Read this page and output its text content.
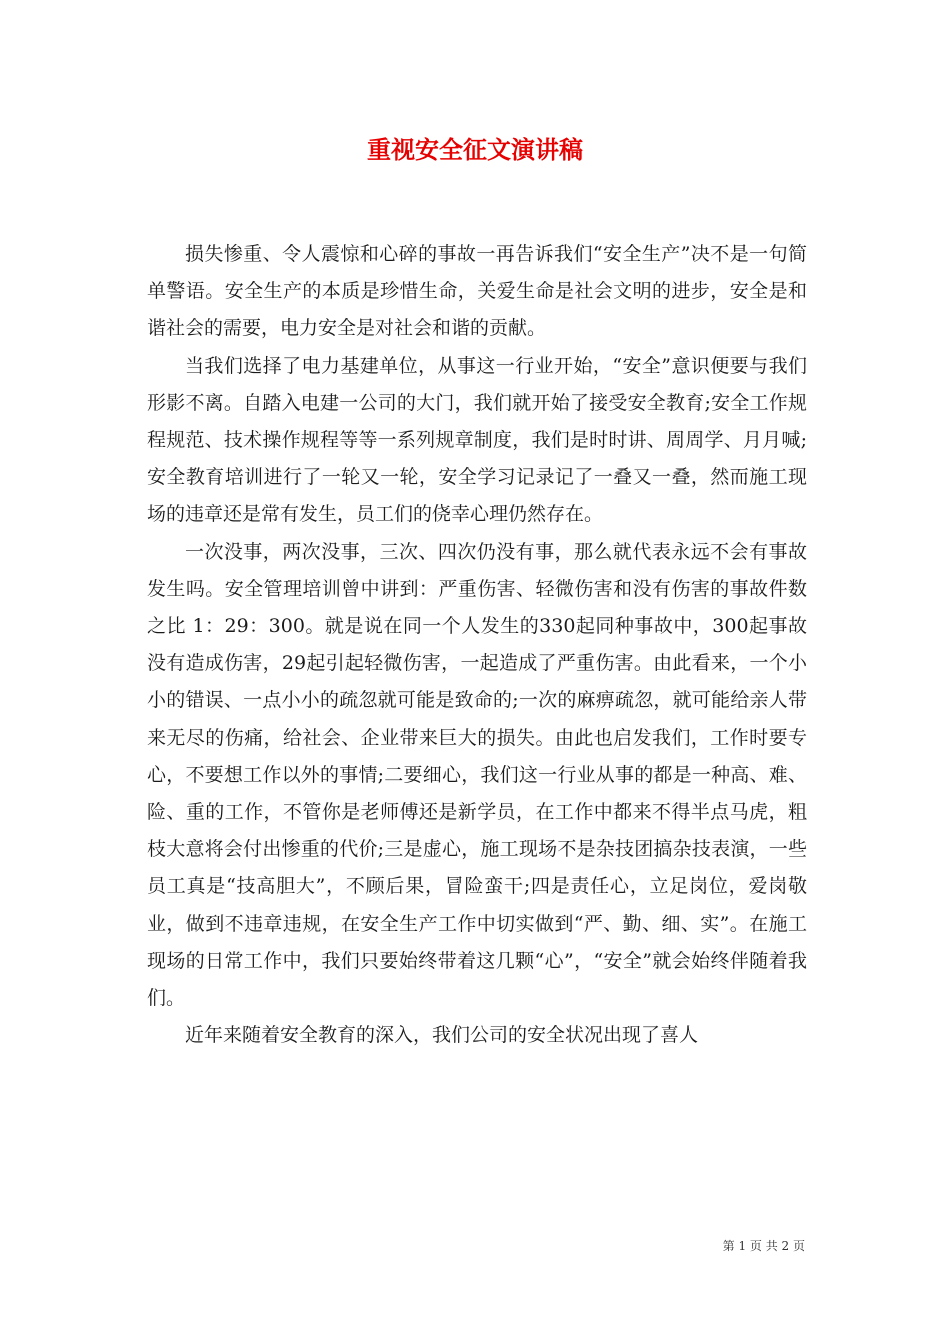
重视安全征文演讲稿

损失惨重、令人震惊和心碎的事故一再告诉我们“安全生产”决不是一句简单警语。安全生产的本质是珍惜生命，关爱生命是社会文明的进步，安全是和谐社会的需要，电力安全是对社会和谐的贡献。

当我们选择了电力基建单位，从事这一行业开始，“安全”意识便要与我们形影不离。自踏入电建一公司的大门，我们就开始了接受安全教育;安全工作规程规范、技术操作规程等等一系列规章制度，我们是时时讲、周周学、月月喊;安全教育培训进行了一轮又一轮，安全学习记录记了一叠又一叠，然而施工现场的违章还是常有发生，员工们的侥幸心理仍然存在。

一次没事，两次没事，三次、四次仍没有事，那么就代表永远不会有事故发生吗。安全管理培训曾中讲到：严重伤害、轻微伤害和没有伤害的事故件数之比 1：29：300。就是说在同一个人发生的330起同种事故中，300起事故没有造成伤害，29起引起轻微伤害，一起造成了严重伤害。由此看来，一个小小的错误、一点小小的疏忽就可能是致命的;一次的麻痹疏忽，就可能给亲人带来无尽的伤痛，给社会、企业带来巨大的损失。由此也启发我们，工作时要专心，不要想工作以外的事情;二要细心，我们这一行业从事的都是一种高、难、险、重的工作，不管你是老师傅还是新学员，在工作中都来不得半点马虎，粗枝大意将会付出惨重的代价;三是虚心，施工现场不是杂技团搞杂技表演，一些员工真是“技高胆大”，不顾后果，冒险蛮干;四是责任心，立足岗位，爱岗敬业，做到不违章违规，在安全生产工作中切实做到“严、勤、细、实”。在施工现场的日常工作中，我们只要始终带着这几颗“心”，“安全”就会始终伴随着我们。

近年来随着安全教育的深入，我们公司的安全状况出现了喜人

第 1 页 共 2 页
